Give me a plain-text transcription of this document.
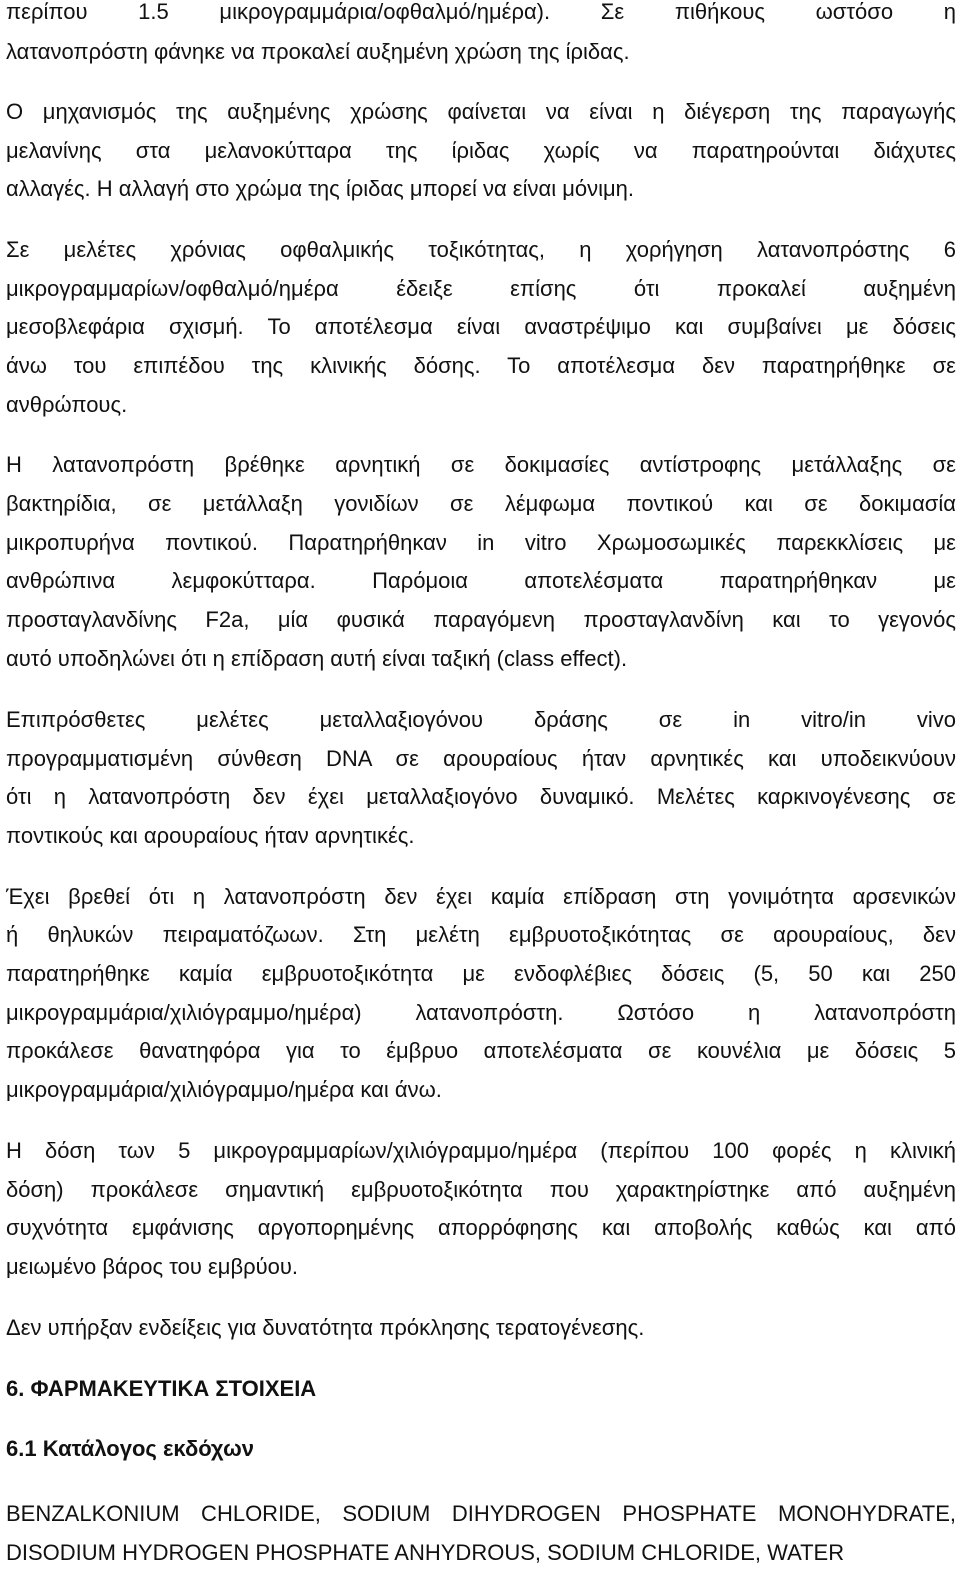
περίπου 1.5 μικρογραμμάρια/οφθαλμό/ημέρα). Σε πιθήκους ωστόσο η
λατανοπρόστη φάνηκε να προκαλεί αυξημένη χρώση της ίριδας.
Ο μηχανισμός της αυξημένης χρώσης φαίνεται να είναι η διέγερση της παραγωγής
μελανίνης στα μελανοκύτταρα της ίριδας χωρίς να παρατηρούνται διάχυτες
αλλαγές. Η αλλαγή στο χρώμα της ίριδας μπορεί να είναι μόνιμη.
Σε μελέτες χρόνιας οφθαλμικής τοξικότητας, η χορήγηση λατανοπρόστης 6
μικρογραμμαρίων/οφθαλμό/ημέρα έδειξε επίσης ότι προκαλεί αυξημένη
μεσοβλεφάρια σχισμή. Το αποτέλεσμα είναι αναστρέψιμο και συμβαίνει με δόσεις
άνω του επιπέδου της κλινικής δόσης. Το αποτέλεσμα δεν παρατηρήθηκε σε
ανθρώπους.
Η λατανοπρόστη βρέθηκε αρνητική σε δοκιμασίες αντίστροφης μετάλλαξης σε
βακτηρίδια, σε μετάλλαξη γονιδίων σε λέμφωμα ποντικού και σε δοκιμασία
μικροπυρήνα ποντικού. Παρατηρήθηκαν in vitro Χρωμοσωμικές παρεκκλίσεις με
ανθρώπινα λεμφοκύτταρα. Παρόμοια αποτελέσματα παρατηρήθηκαν με
προσταγλανδίνης F2a, μία φυσικά παραγόμενη προσταγλανδίνη και το γεγονός
αυτό υποδηλώνει ότι η επίδραση αυτή είναι ταξική (class effect).
Επιπρόσθετες μελέτες μεταλλαξιογόνου δράσης σε in vitro/in vivo
προγραμματισμένη σύνθεση DNA σε αρουραίους ήταν αρνητικές και υποδεικνύουν
ότι η λατανοπρόστη δεν έχει μεταλλαξιογόνο δυναμικό. Μελέτες καρκινογένεσης σε
ποντικούς και αρουραίους ήταν αρνητικές.
Έχει βρεθεί ότι η λατανοπρόστη δεν έχει καμία επίδραση στη γονιμότητα αρσενικών
ή θηλυκών πειραματόζωων. Στη μελέτη εμβρυοτοξικότητας σε αρουραίους, δεν
παρατηρήθηκε καμία εμβρυοτοξικότητα με ενδοφλέβιες δόσεις (5, 50 και 250
μικρογραμμάρια/χιλιόγραμμο/ημέρα) λατανοπρόστη. Ωστόσο η λατανοπρόστη
προκάλεσε θανατηφόρα για το έμβρυο αποτελέσματα σε κουνέλια με δόσεις 5
μικρογραμμάρια/χιλιόγραμμο/ημέρα και άνω.
Η δόση των 5 μικρογραμμαρίων/χιλιόγραμμο/ημέρα (περίπου 100 φορές η κλινική
δόση) προκάλεσε σημαντική εμβρυοτοξικότητα που χαρακτηρίστηκε από αυξημένη
συχνότητα εμφάνισης αργοπορημένης απορρόφησης και αποβολής καθώς και από
μειωμένο βάρος του εμβρύου.
Δεν υπήρξαν ενδείξεις για δυνατότητα πρόκλησης τερατογένεσης.
6. ΦΑΡΜΑΚΕΥΤΙΚΑ ΣΤΟΙΧΕΙΑ
6.1 Κατάλογος εκδόχων
BENZALKONIUM CHLORIDE, SODIUM DIHYDROGEN PHOSPHATE MONOHYDRATE,
DISODIUM HYDROGEN PHOSPHATE ANHYDROUS, SODIUM CHLORIDE, WATER
